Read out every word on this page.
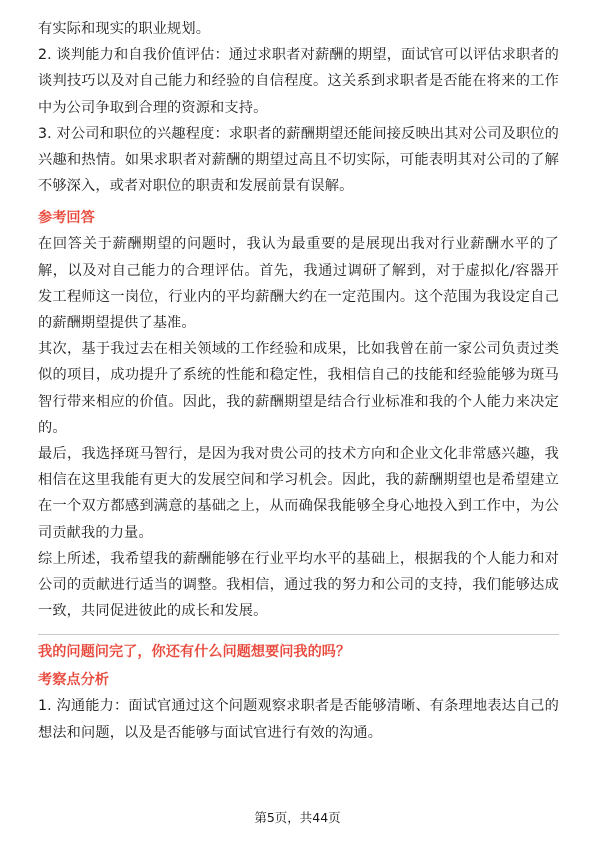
有实际和现实的职业规划。

2. 谈判能力和自我价值评估：通过求职者对薪酬的期望，面试官可以评估求职者的谈判技巧以及对自己能力和经验的自信程度。这关系到求职者是否能在将来的工作中为公司争取到合理的资源和支持。

3. 对公司和职位的兴趣程度：求职者的薪酬期望还能间接反映出其对公司及职位的兴趣和热情。如果求职者对薪酬的期望过高且不切实际，可能表明其对公司的了解不够深入，或者对职位的职责和发展前景有误解。

参考回答

在回答关于薪酬期望的问题时，我认为最重要的是展现出我对行业薪酬水平的了解，以及对自己能力的合理评估。首先，我通过调研了解到，对于虚拟化/容器开发工程师这一岗位，行业内的平均薪酬大约在一定范围内。这个范围为我设定自己的薪酬期望提供了基准。

其次，基于我过去在相关领域的工作经验和成果，比如我曾在前一家公司负责过类似的项目，成功提升了系统的性能和稳定性，我相信自己的技能和经验能够为斑马智行带来相应的价值。因此，我的薪酬期望是结合行业标准和我的个人能力来决定的。

最后，我选择斑马智行，是因为我对贵公司的技术方向和企业文化非常感兴趣，我相信在这里我能有更大的发展空间和学习机会。因此，我的薪酬期望也是希望建立在一个双方都感到满意的基础之上，从而确保我能够全身心地投入到工作中，为公司贡献我的力量。

综上所述，我希望我的薪酬能够在行业平均水平的基础上，根据我的个人能力和对公司的贡献进行适当的调整。我相信，通过我的努力和公司的支持，我们能够达成一致，共同促进彼此的成长和发展。

我的问题问完了，你还有什么问题想要问我的吗？

考察点分析

1. 沟通能力：面试官通过这个问题观察求职者是否能够清晰、有条理地表达自己的想法和问题，以及是否能够与面试官进行有效的沟通。

第5页，共44页
